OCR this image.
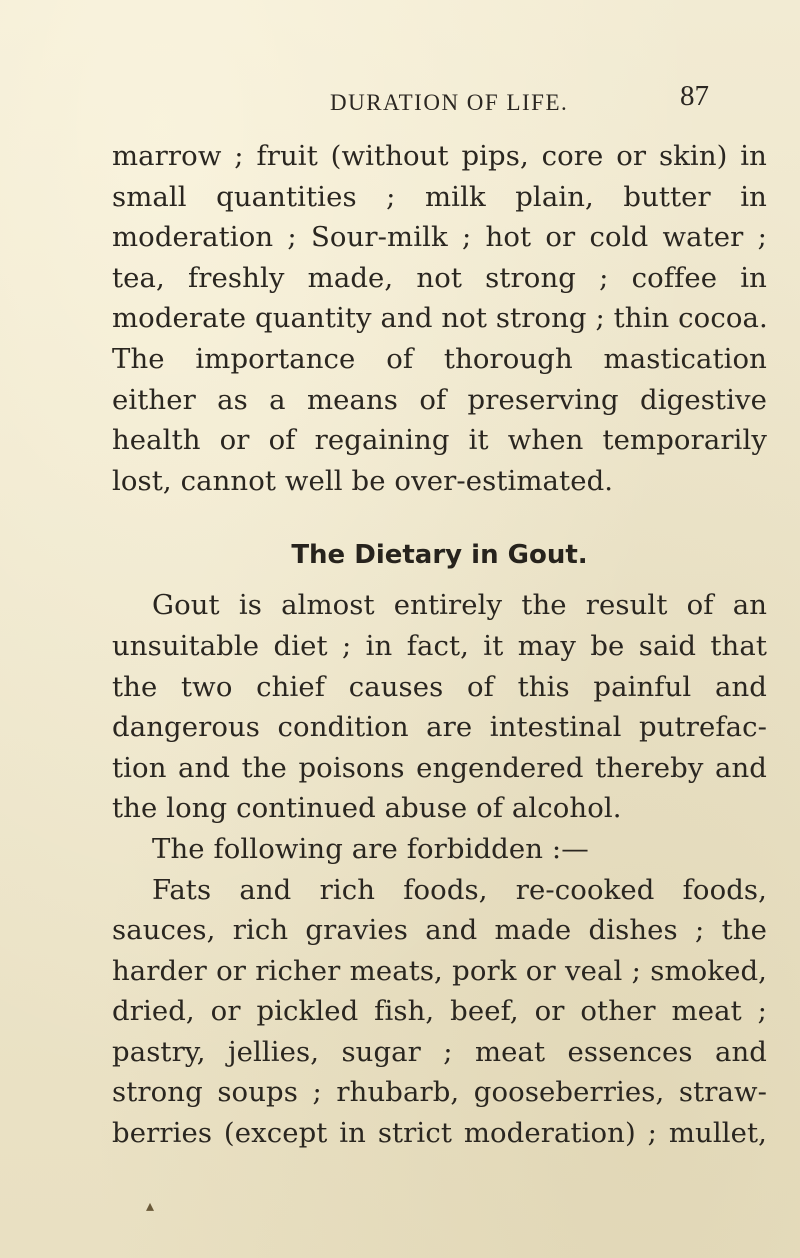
DURATION OF LIFE.	87
marrow ; fruit (without pips, core or skin) in
small quantities ; milk plain, butter in
moderation ; Sour-milk ; hot or cold water ;
tea, freshly made, not strong ; coffee in
moderate quantity and not strong ; thin cocoa.
The importance of thorough mastication
either as a means of preserving digestive
health or of regaining it when temporarily
lost, cannot well be over-estimated.
The Dietary in Gout.
Gout is almost entirely the result of an
unsuitable diet ; in fact, it may be said that
the two chief causes of this painful and
dangerous condition are intestinal putrefac-
tion and the poisons engendered thereby and
the long continued abuse of alcohol.
The following are forbidden :—
Fats and rich foods, re-cooked foods,
sauces, rich gravies and made dishes ; the
harder or richer meats, pork or veal ; smoked,
dried, or pickled fish, beef, or other meat ;
pastry, jellies, sugar ; meat essences and
strong soups ; rhubarb, gooseberries, straw-
berries (except in strict moderation) ; mullet,
▴
